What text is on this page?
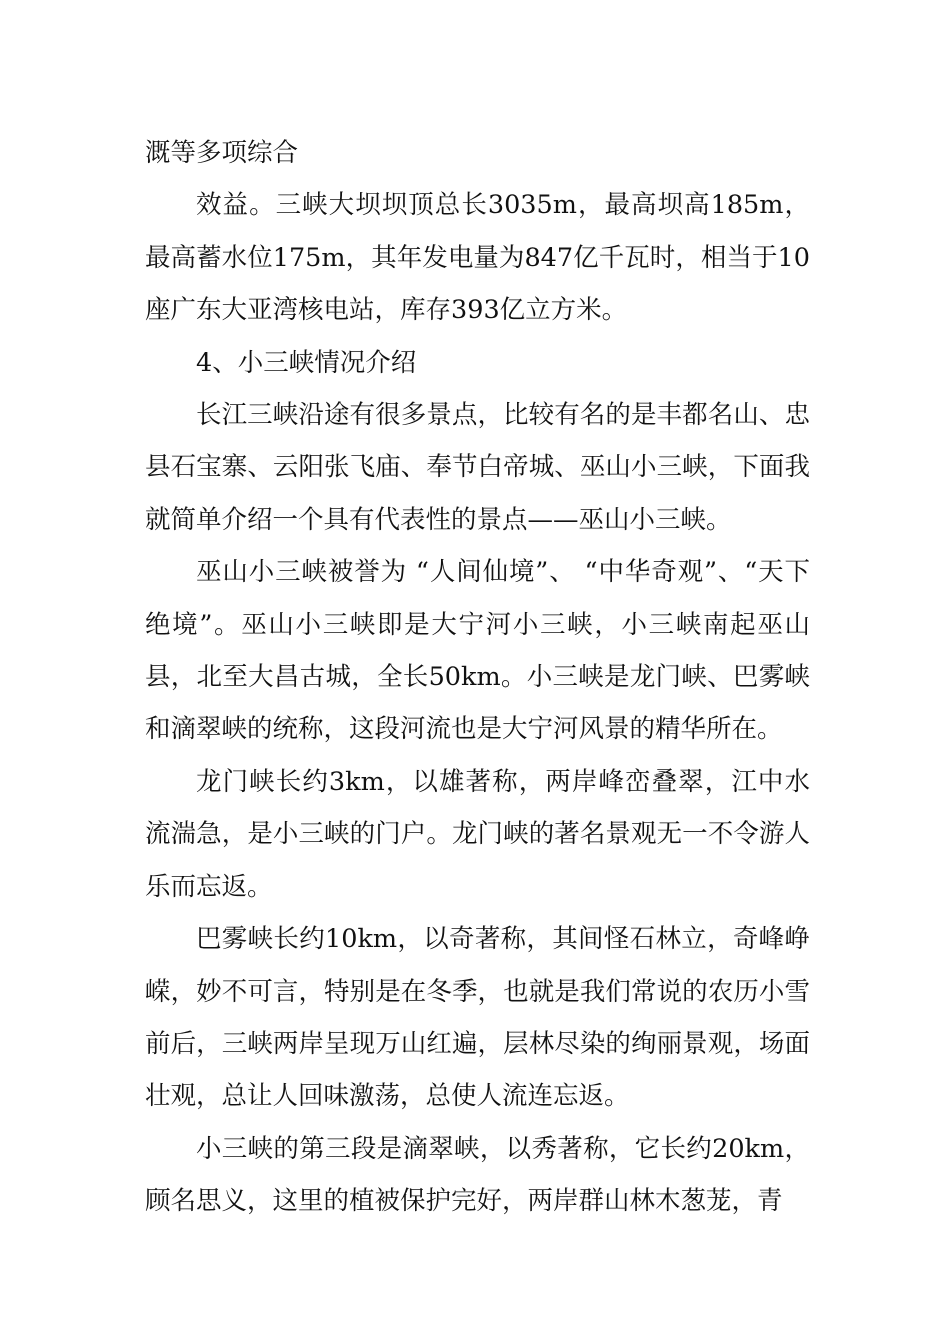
溉等多项综合

效益。三峡大坝坝顶总长3035m，最高坝高185m，最高蓄水位175m，其年发电量为847亿千瓦时，相当于10座广东大亚湾核电站，库存393亿立方米。

4、小三峡情况介绍

长江三峡沿途有很多景点，比较有名的是丰都名山、忠县石宝寨、云阳张飞庙、奉节白帝城、巫山小三峡，下面我就简单介绍一个具有代表性的景点——巫山小三峡。

巫山小三峡被誉为 “人间仙境”、 “中华奇观”、“天下绝境”。巫山小三峡即是大宁河小三峡，小三峡南起巫山县，北至大昌古城，全长50km。小三峡是龙门峡、巴雾峡和滴翠峡的统称，这段河流也是大宁河风景的精华所在。

龙门峡长约3km，以雄著称，两岸峰峦叠翠，江中水流湍急，是小三峡的门户。龙门峡的著名景观无一不令游人乐而忘返。

巴雾峡长约10km，以奇著称，其间怪石林立，奇峰峥嵘，妙不可言，特别是在冬季，也就是我们常说的农历小雪前后，三峡两岸呈现万山红遍，层林尽染的绚丽景观，场面壮观，总让人回味激荡，总使人流连忘返。

小三峡的第三段是滴翠峡，以秀著称，它长约20km，顾名思义，这里的植被保护完好，两岸群山林木葱茏，青
